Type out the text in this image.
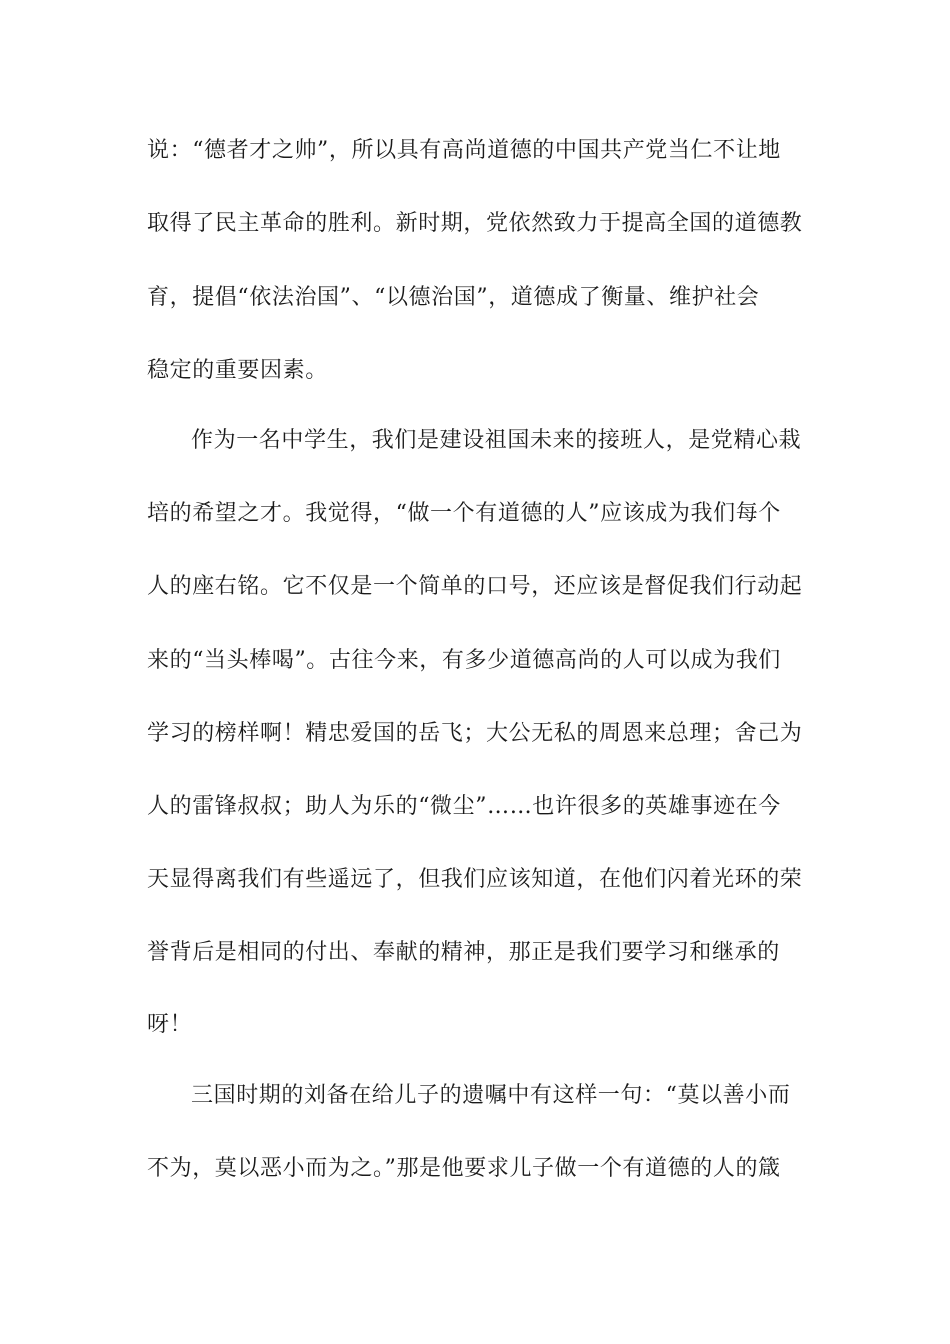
说：“德者才之帅”，所以具有高尚道德的中国共产党当仁不让地
取得了民主革命的胜利。新时期，党依然致力于提高全国的道德教
育，提倡“依法治国”、“以德治国”，道德成了衡量、维护社会
稳定的重要因素。
作为一名中学生，我们是建设祖国未来的接班人，是党精心栽
培的希望之才。我觉得，“做一个有道德的人”应该成为我们每个
人的座右铭。它不仅是一个简单的口号，还应该是督促我们行动起
来的“当头棒喝”。古往今来，有多少道德高尚的人可以成为我们
学习的榜样啊！精忠爱国的岳飞；大公无私的周恩来总理；舍己为
人的雷锋叔叔；助人为乐的“微尘”……也许很多的英雄事迹在今
天显得离我们有些遥远了，但我们应该知道，在他们闪着光环的荣
誉背后是相同的付出、奉献的精神，那正是我们要学习和继承的
呀！
三国时期的刘备在给儿子的遗嘱中有这样一句：“莫以善小而
不为，莫以恶小而为之。”那是他要求儿子做一个有道德的人的箴
